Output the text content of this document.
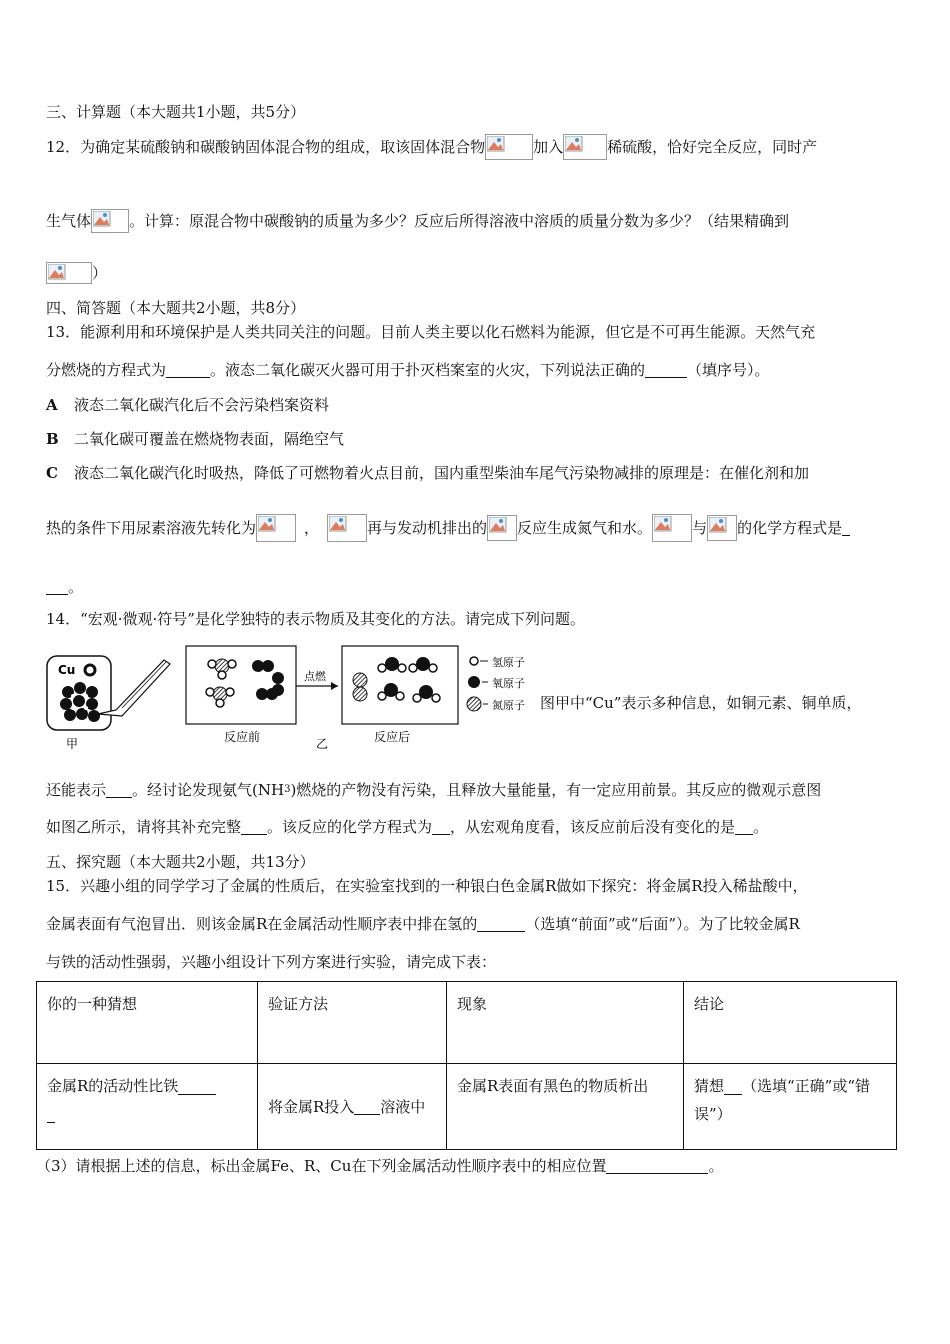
三、计算题（本大题共1小题，共5分）
12．为确定某硫酸钠和碳酸钠固体混合物的组成，取该固体混合物	加入	稀硫酸，恰好完全反应，同时产
生气体	。计算：原混合物中碳酸钠的质量为多少？反应后所得溶液中溶质的质量分数为多少？（结果精确到
）
四、简答题（本大题共2小题，共8分）
13．能源利用和环境保护是人类共同关注的问题。目前人类主要以化石燃料为能源，但它是不可再生能源。天然气充
分燃烧的方程式为	。液态二氧化碳灭火器可用于扑灭档案室的火灾，下列说法正确的	（填序号）。
A 液态二氧化碳汽化后不会污染档案资料
B 二氧化碳可覆盖在燃烧物表面，隔绝空气
C 液态二氧化碳汽化时吸热，降低了可燃物着火点目前，国内重型柴油车尾气污染物减排的原理是：在催化剂和加
热的条件下用尿素溶液先转化为	，	再与发动机排出的 反应生成氮气和水。	与 的化学方程式是
。
14．“宏观·微观·符号”是化学独特的表示物质及其变化的方法。请完成下列问题。
Cu
甲	反应前
点燃
反应后
乙
氢原子
氧原子
氮原子 图甲中“Cu”表示多种信息，如铜元素、铜单质，
还能表示 。经讨论发现氨气(NH3)燃烧的产物没有污染，且释放大量能量，有一定应用前景。其反应的微观示意图
如图乙所示，请将其补充完整 。该反应的化学方程式为 ，从宏观角度看，该反应前后没有变化的是 。
五、探究题（本大题共2小题，共13分）
15．兴趣小组的同学学习了金属的性质后，在实验室找到的一种银白色金属R做如下探究：将金属R投入稀盐酸中，
金属表面有气泡冒出．则该金属R在金属活动性顺序表中排在氢的	（选填“前面”或“后面”）。为了比较金属R
与铁的活动性强弱，兴趣小组设计下列方案进行实验，请完成下表：
你的一种猜想	验证方法	现象	结论
金属R的活动性比铁	将金属R投入 溶液中	金属R表面有黑色的物质析出	猜想 （选填“正确”或“错误”）
（3）请根据上述的信息，标出金属Fe、R、Cu在下列金属活动性顺序表中的相应位置	。
